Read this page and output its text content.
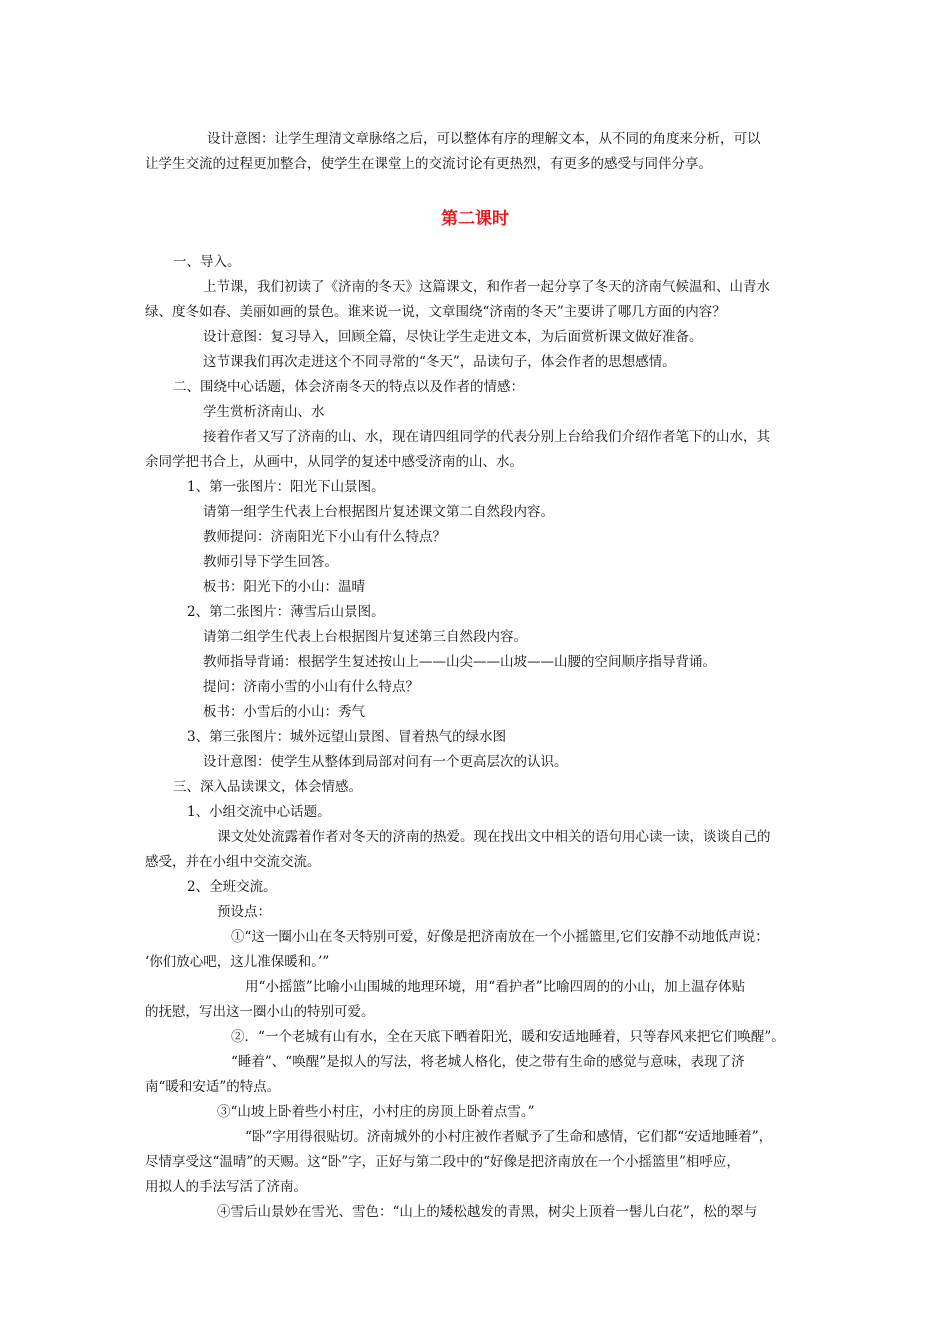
设计意图：让学生理清文章脉络之后，可以整体有序的理解文本，从不同的角度来分析，可以
让学生交流的过程更加整合，使学生在课堂上的交流讨论有更热烈，有更多的感受与同伴分享。
第二课时
一、导入。
上节课，我们初读了《济南的冬天》这篇课文，和作者一起分享了冬天的济南气候温和、山青水
绿、度冬如春、美丽如画的景色。谁来说一说，文章围绕“济南的冬天”主要讲了哪几方面的内容？
设计意图：复习导入，回顾全篇，尽快让学生走进文本，为后面赏析课文做好准备。
这节课我们再次走进这个不同寻常的“冬天”，品读句子，体会作者的思想感情。
二、围绕中心话题，体会济南冬天的特点以及作者的情感：
学生赏析济南山、水
接着作者又写了济南的山、水，现在请四组同学的代表分别上台给我们介绍作者笔下的山水，其
余同学把书合上，从画中，从同学的复述中感受济南的山、水。
1、第一张图片：阳光下山景图。
请第一组学生代表上台根据图片复述课文第二自然段内容。
教师提问：济南阳光下小山有什么特点？
教师引导下学生回答。
板书：阳光下的小山：温晴
2、第二张图片：薄雪后山景图。
请第二组学生代表上台根据图片复述第三自然段内容。
教师指导背诵：根据学生复述按山上——山尖——山坡——山腰的空间顺序指导背诵。
提问：济南小雪的小山有什么特点？
板书：小雪后的小山：秀气
3、第三张图片：城外远望山景图、冒着热气的绿水图
设计意图：使学生从整体到局部对问有一个更高层次的认识。
三、深入品读课文，体会情感。
1、小组交流中心话题。
课文处处流露着作者对冬天的济南的热爱。现在找出文中相关的语句用心读一读，谈谈自己的
感受，并在小组中交流交流。
2、全班交流。
预设点：
①“这一圈小山在冬天特别可爱，好像是把济南放在一个小摇篮里,它们安静不动地低声说：
‘你们放心吧，这儿准保暖和。’”
用“小摇篮”比喻小山围城的地理环境，用“看护者”比喻四周的的小山，加上温存体贴
的抚慰，写出这一圈小山的特别可爱。
②．“一个老城有山有水，全在天底下晒着阳光，暖和安适地睡着，只等春风来把它们唤醒”。
“睡着”、“唤醒”是拟人的写法，将老城人格化，使之带有生命的感觉与意味，表现了济
南“暖和安适”的特点。
③“山坡上卧着些小村庄，小村庄的房顶上卧着点雪。”
“卧”字用得很贴切。济南城外的小村庄被作者赋予了生命和感情，它们都“安适地睡着”，
尽情享受这“温晴”的天赐。这“卧”字，正好与第二段中的“好像是把济南放在一个小摇篮里”相呼应，
用拟人的手法写活了济南。
④雪后山景妙在雪光、雪色：“山上的矮松越发的青黑，树尖上顶着一髻儿白花”，松的翠与
